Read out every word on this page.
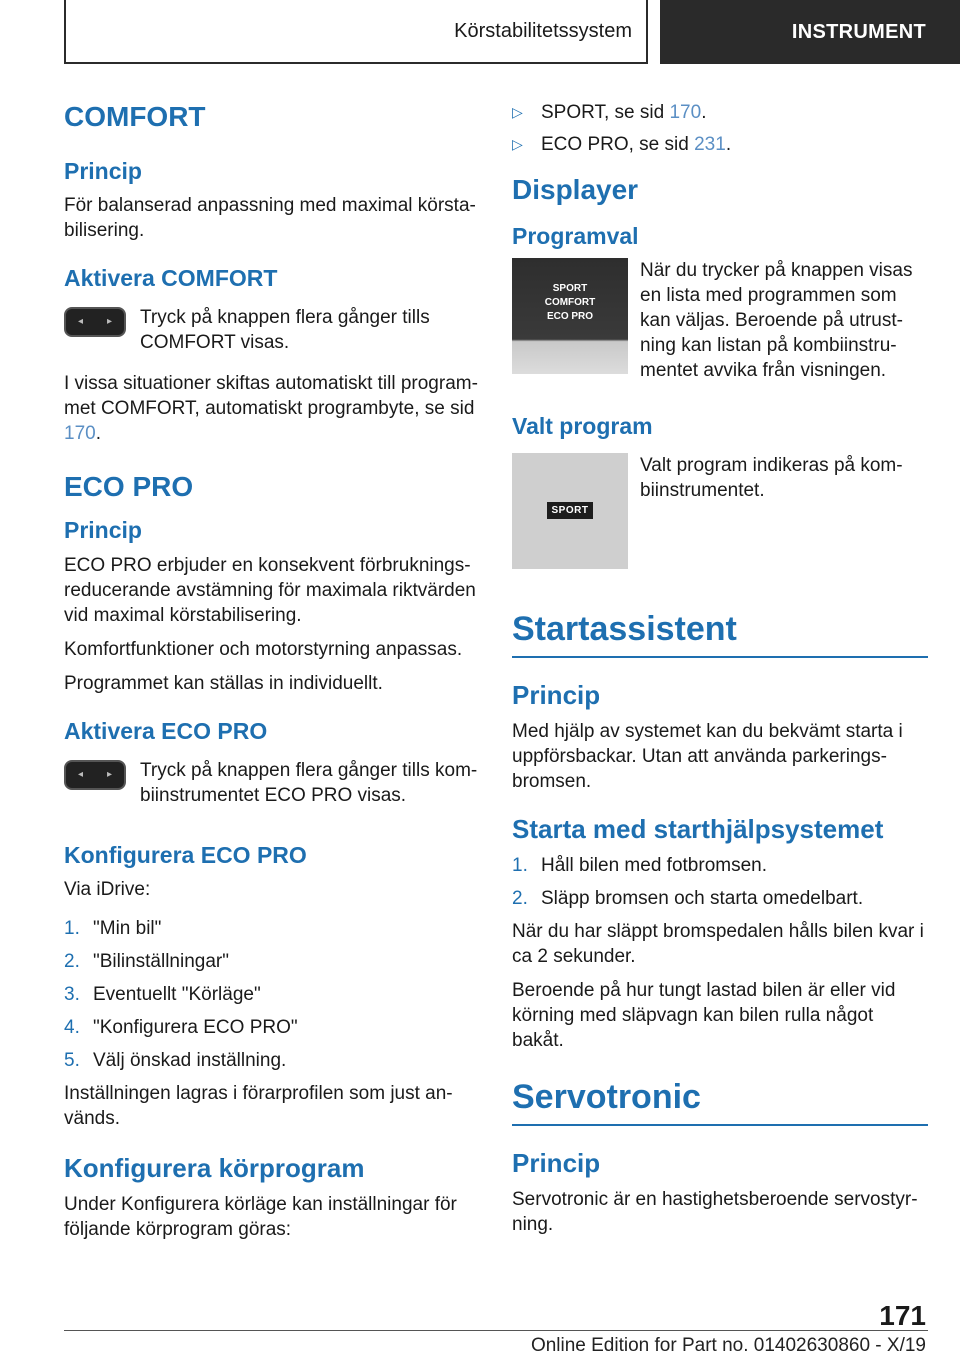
Körstabilitetssystem	INSTRUMENT
COMFORT
Princip

För balanserad anpassning med maximal körsta-bilisering.

Aktivera COMFORT
◂ ▸ Tryck på knappen flera gånger tills COMFORT visas.

I vissa situationer skiftas automatiskt till program-met COMFORT, automatiskt programbyte, se sid 170.

ECO PRO
Princip

ECO PRO erbjuder en konsekvent förbruknings-reducerande avstämning för maximala riktvärden vid maximal körstabilisering.

Komfortfunktioner och motorstyrning anpassas.

Programmet kan ställas in individuellt.

Aktivera ECO PRO
◂ ▸ Tryck på knappen flera gånger tills kom-biinstrumentet ECO PRO visas.
Konfigurera ECO PRO

Via iDrive:

1. "Min bil"
2. "Bilinställningar"
3. Eventuellt "Körläge"
4. "Konfigurera ECO PRO"
5. Välj önskad inställning.

Inställningen lagras i förarprofilen som just an-vänds.

Konfigurera körprogram

Under Konfigurera körläge kan inställningar för följande körprogram göras:

▷ SPORT, se sid 170.
▷ ECO PRO, se sid 231.
Displayer
Programval
SPORT
COMFORT
ECO PRO
När du trycker på knappen visas en lista med programmen som kan väljas. Beroende på utrust-ning kan listan på kombiinstru-mentet avvika från visningen.
Valt program
SPORT
Valt program indikeras på kom-biinstrumentet.
Startassistent
Princip

Med hjälp av systemet kan du bekvämt starta i uppförsbackar. Utan att använda parkerings-bromsen.

Starta med starthjälpsystemet
1. Håll bilen med fotbromsen.
2. Släpp bromsen och starta omedelbart.

När du har släppt bromspedalen hålls bilen kvar i ca 2 sekunder.

Beroende på hur tungt lastad bilen är eller vid körning med släpvagn kan bilen rulla något bakåt.

Servotronic
Princip

Servotronic är en hastighetsberoende servostyr-ning.

171
Online Edition for Part no. 01402630860 - X/19
